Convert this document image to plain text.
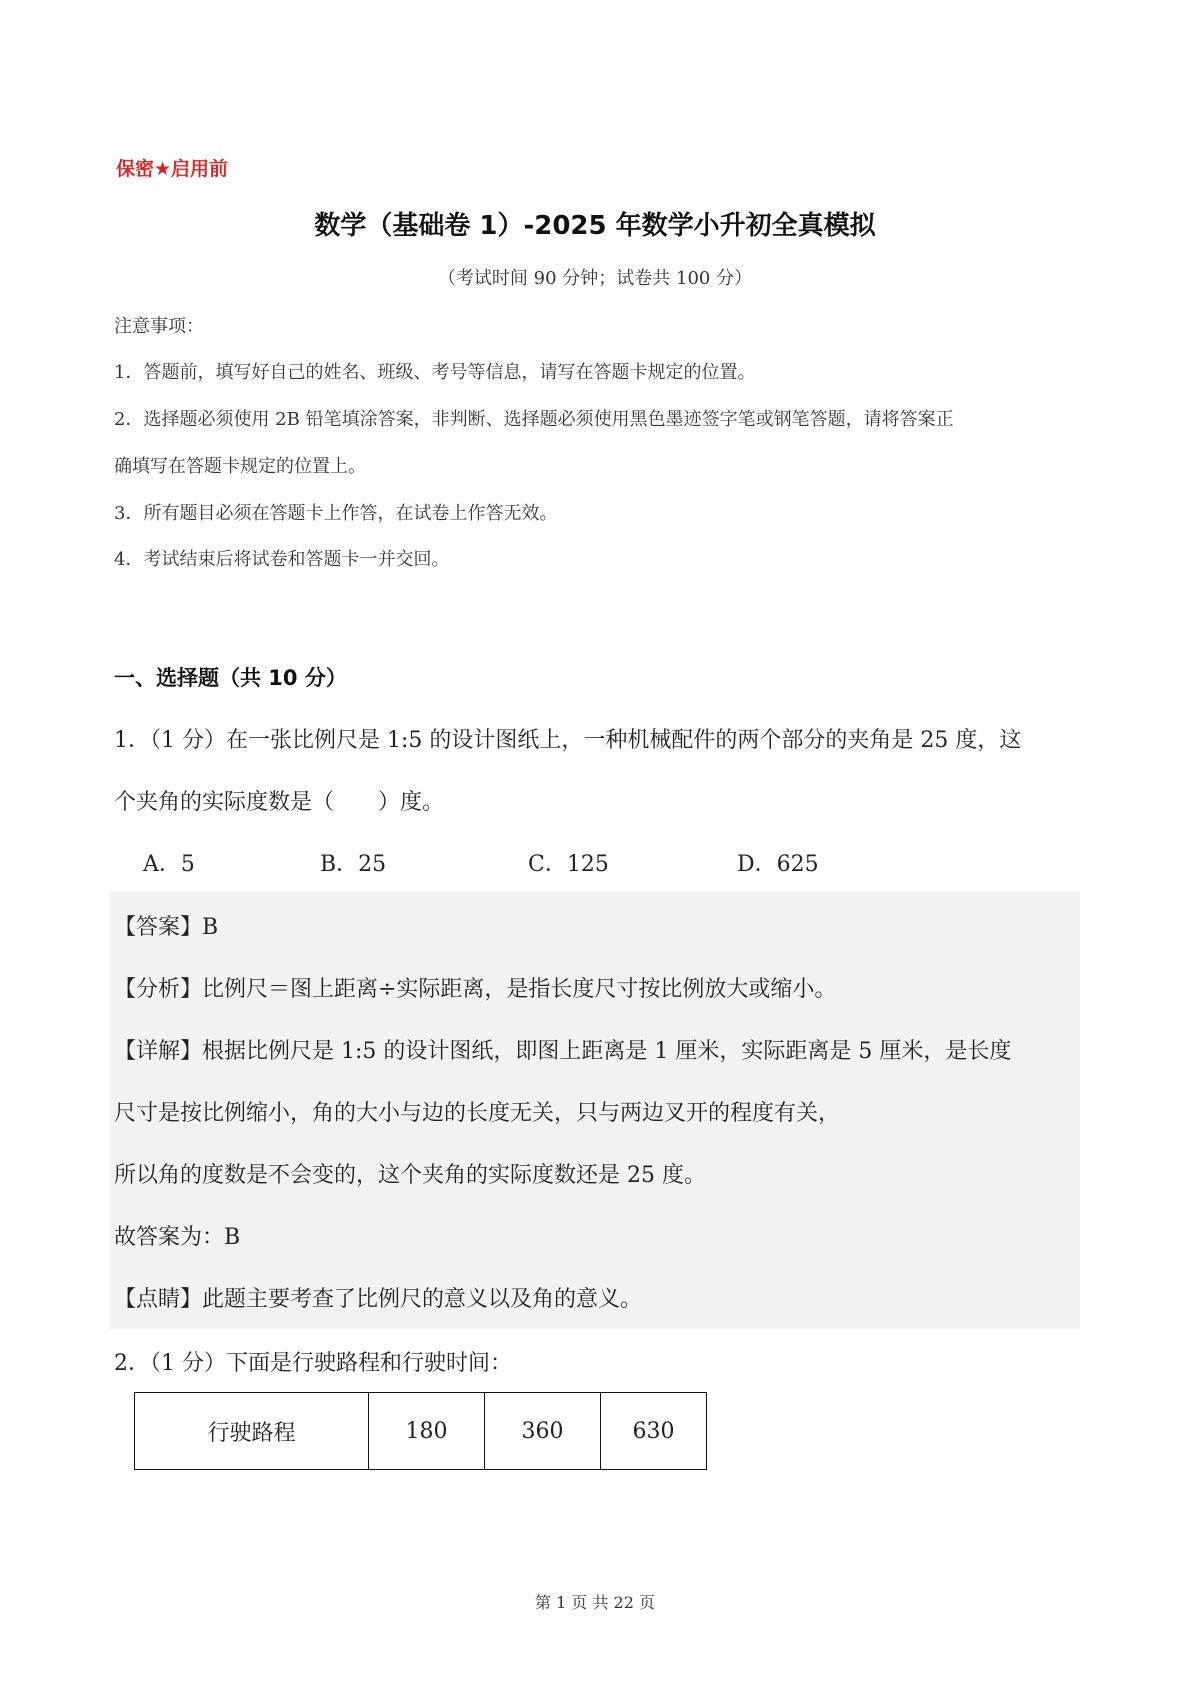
保密★启用前
数学（基础卷 1）-2025 年数学小升初全真模拟
（考试时间 90 分钟；试卷共 100 分）
注意事项：
1．答题前，填写好自己的姓名、班级、考号等信息，请写在答题卡规定的位置。
2．选择题必须使用 2B 铅笔填涂答案，非判断、选择题必须使用黑色墨迹签字笔或钢笔答题，请将答案正
确填写在答题卡规定的位置上。
3．所有题目必须在答题卡上作答，在试卷上作答无效。
4．考试结束后将试卷和答题卡一并交回。
一、选择题（共 10 分）
1．（1 分）在一张比例尺是 1:5 的设计图纸上，一种机械配件的两个部分的夹角是 25 度，这
个夹角的实际度数是（　　）度。
A．5	B．25	C．125	D．625
【答案】B
【分析】比例尺＝图上距离÷实际距离，是指长度尺寸按比例放大或缩小。
【详解】根据比例尺是 1:5 的设计图纸，即图上距离是 1 厘米，实际距离是 5 厘米，是长度
尺寸是按比例缩小，角的大小与边的长度无关，只与两边叉开的程度有关，
所以角的度数是不会变的，这个夹角的实际度数还是 25 度。
故答案为：B
【点睛】此题主要考查了比例尺的意义以及角的意义。
2．（1 分）下面是行驶路程和行驶时间：
行驶路程	180	360	630
第 1 页 共 22 页
